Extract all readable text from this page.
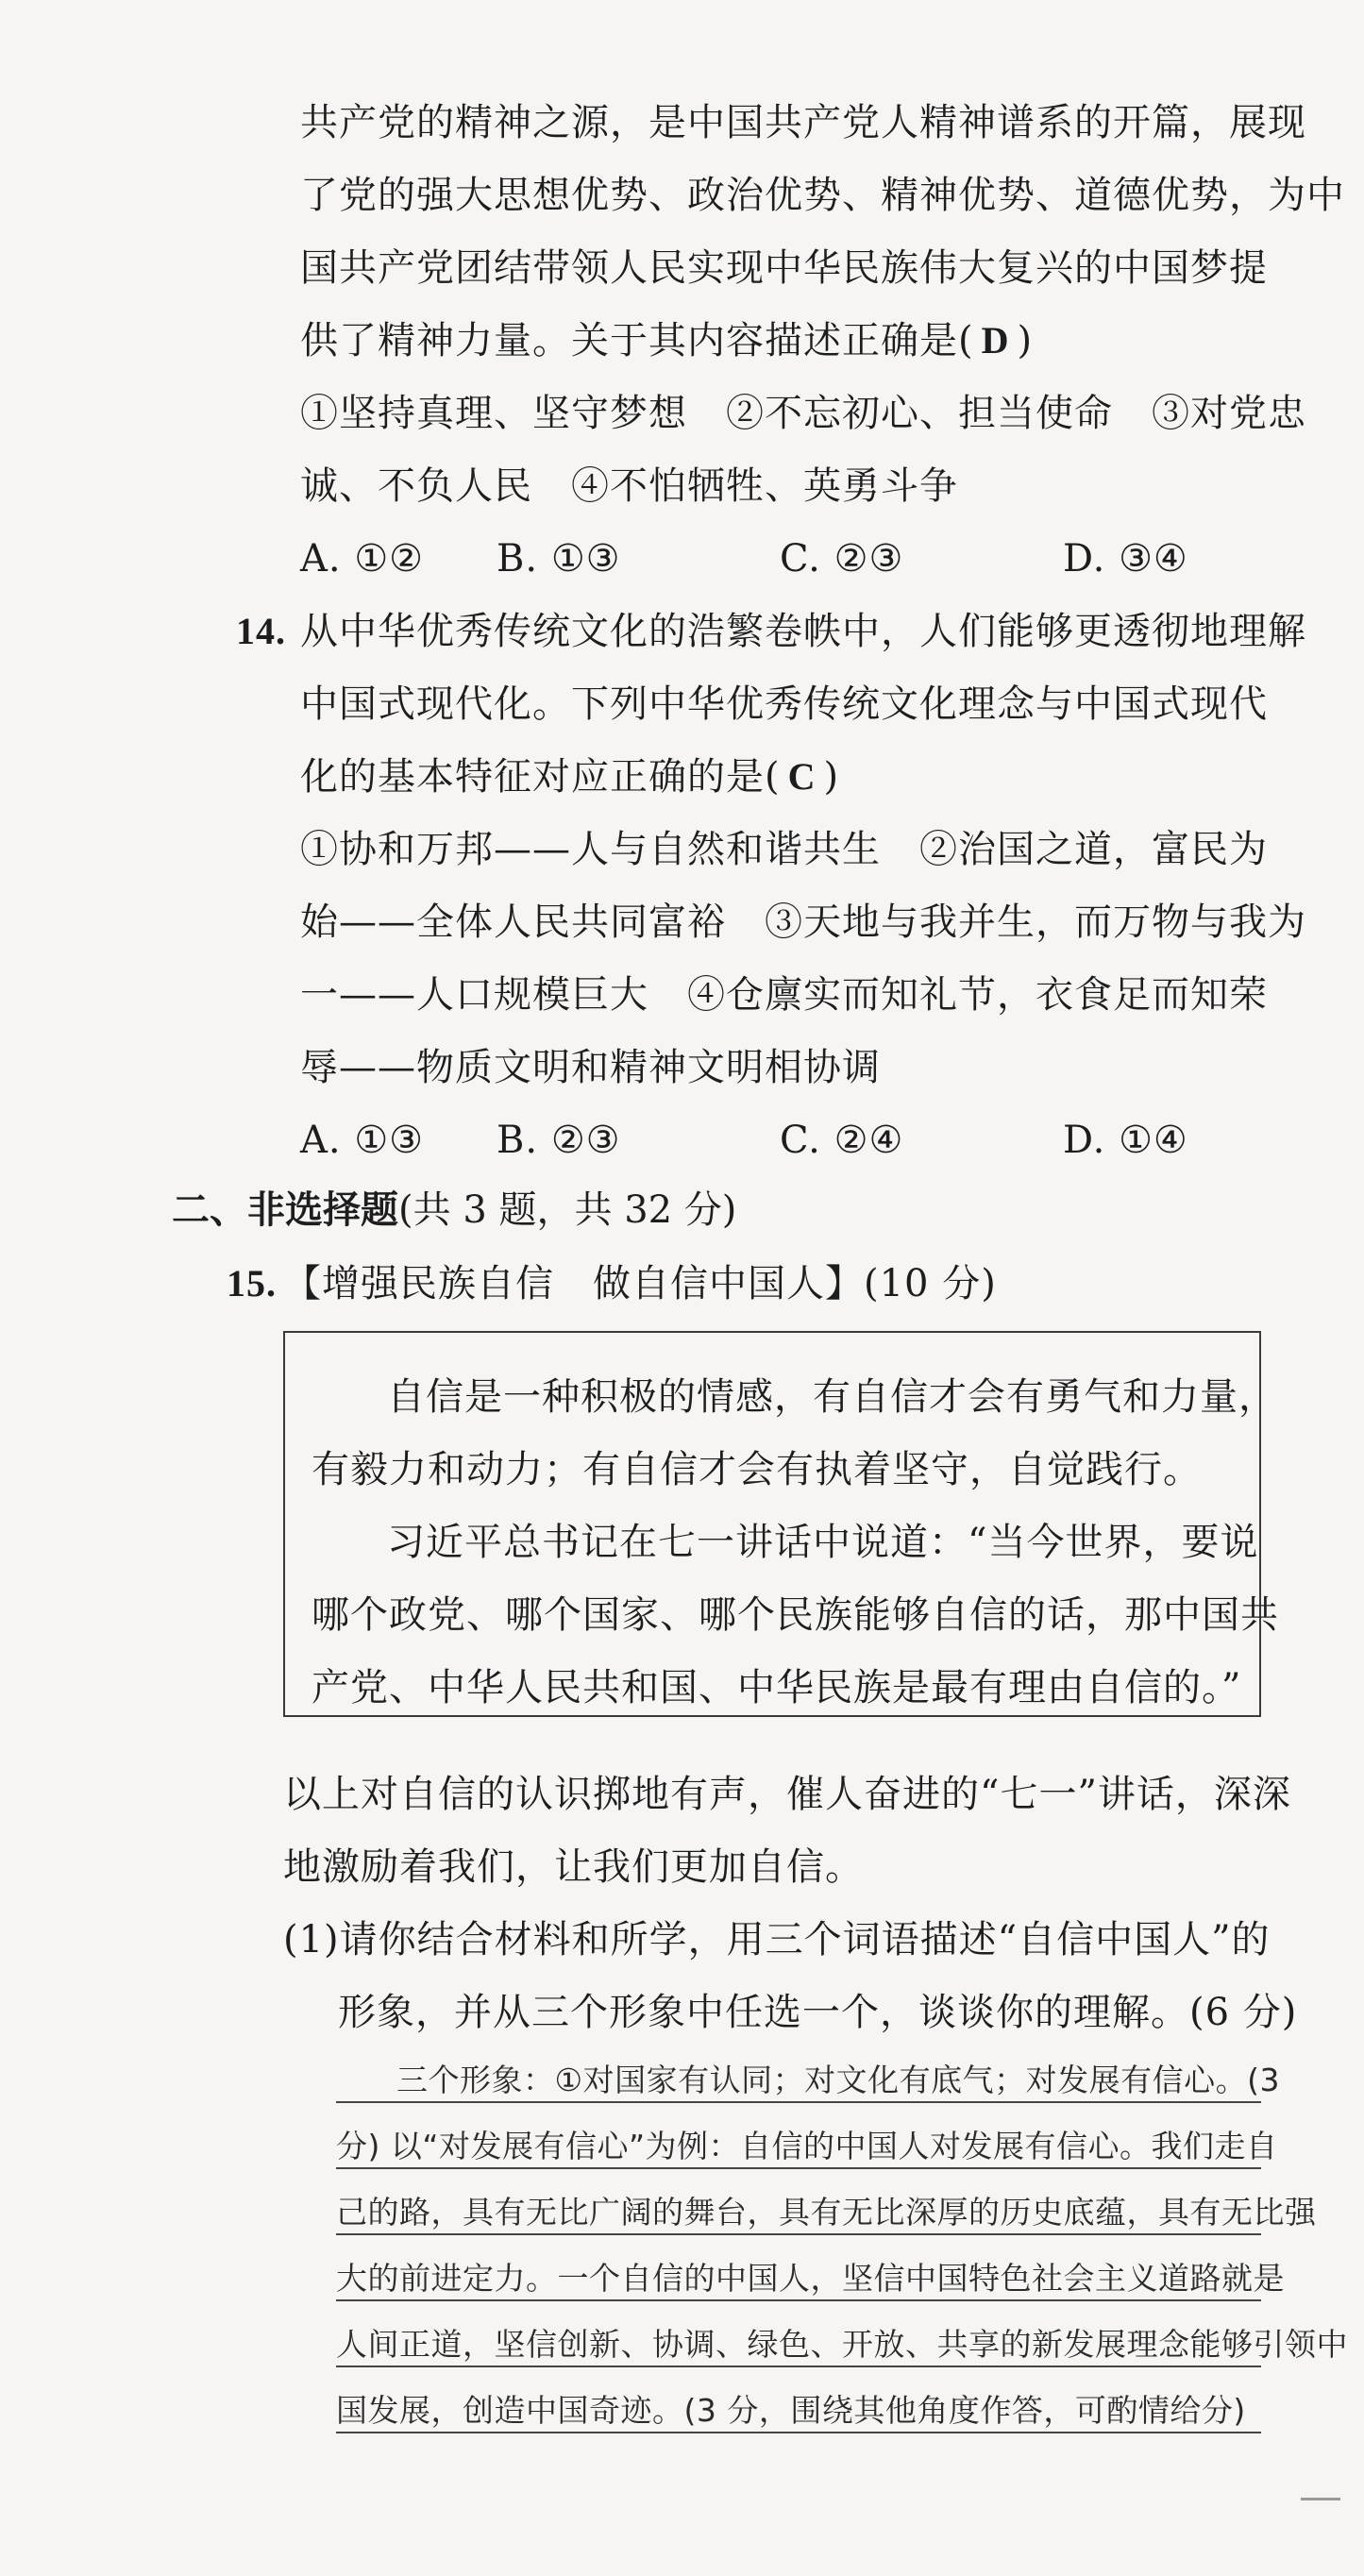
共产党的精神之源，是中国共产党人精神谱系的开篇，展现
了党的强大思想优势、政治优势、精神优势、道德优势，为中
国共产党团结带领人民实现中华民族伟大复兴的中国梦提
供了精神力量。关于其内容描述正确是( D )
①坚持真理、坚守梦想　②不忘初心、担当使命　③对党忠
诚、不负人民　④不怕牺牲、英勇斗争
A. ①② B. ①③	C. ②③	D. ③④
14. 从中华优秀传统文化的浩繁卷帙中，人们能够更透彻地理解
中国式现代化。下列中华优秀传统文化理念与中国式现代
化的基本特征对应正确的是( C )
①协和万邦——人与自然和谐共生　②治国之道，富民为
始——全体人民共同富裕　③天地与我并生，而万物与我为
一——人口规模巨大　④仓廪实而知礼节，衣食足而知荣
辱——物质文明和精神文明相协调
A. ①③ B. ②③	C. ②④	D. ①④
二、非选择题(共 3 题，共 32 分)
15. 【增强民族自信　做自信中国人】(10 分)
自信是一种积极的情感，有自信才会有勇气和力量，
有毅力和动力；有自信才会有执着坚守，自觉践行。
习近平总书记在七一讲话中说道：“当今世界，要说
哪个政党、哪个国家、哪个民族能够自信的话，那中国共
产党、中华人民共和国、中华民族是最有理由自信的。”
以上对自信的认识掷地有声，催人奋进的“七一”讲话，深深
地激励着我们，让我们更加自信。
(1)请你结合材料和所学，用三个词语描述“自信中国人”的
形象，并从三个形象中任选一个，谈谈你的理解。(6 分)
三个形象：①对国家有认同；对文化有底气；对发展有信心。(3
分) 以“对发展有信心”为例：自信的中国人对发展有信心。我们走自
己的路，具有无比广阔的舞台，具有无比深厚的历史底蕴，具有无比强
大的前进定力。一个自信的中国人，坚信中国特色社会主义道路就是
人间正道，坚信创新、协调、绿色、开放、共享的新发展理念能够引领中
国发展，创造中国奇迹。(3 分，围绕其他角度作答，可酌情给分)
